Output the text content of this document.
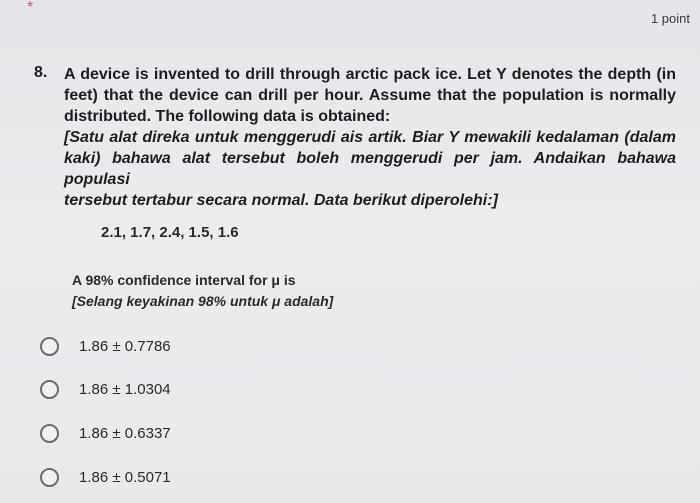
*
1 point
8. A device is invented to drill through arctic pack ice. Let Y denotes the depth (in
feet) that the device can drill per hour. Assume that the population is normally
distributed. The following data is obtained:
[Satu alat direka untuk menggerudi ais artik. Biar Y mewakili kedalaman (dalam
kaki) bahawa alat tersebut boleh menggerudi per jam. Andaikan bahawa populasi
tersebut tertabur secara normal. Data berikut diperolehi:]
2.1, 1.7, 2.4, 1.5, 1.6
A 98% confidence interval for μ is
[Selang keyakinan 98% untuk μ adalah]
1.86 ± 0.7786
1.86 ± 1.0304
1.86 ± 0.6337
1.86 ± 0.5071
